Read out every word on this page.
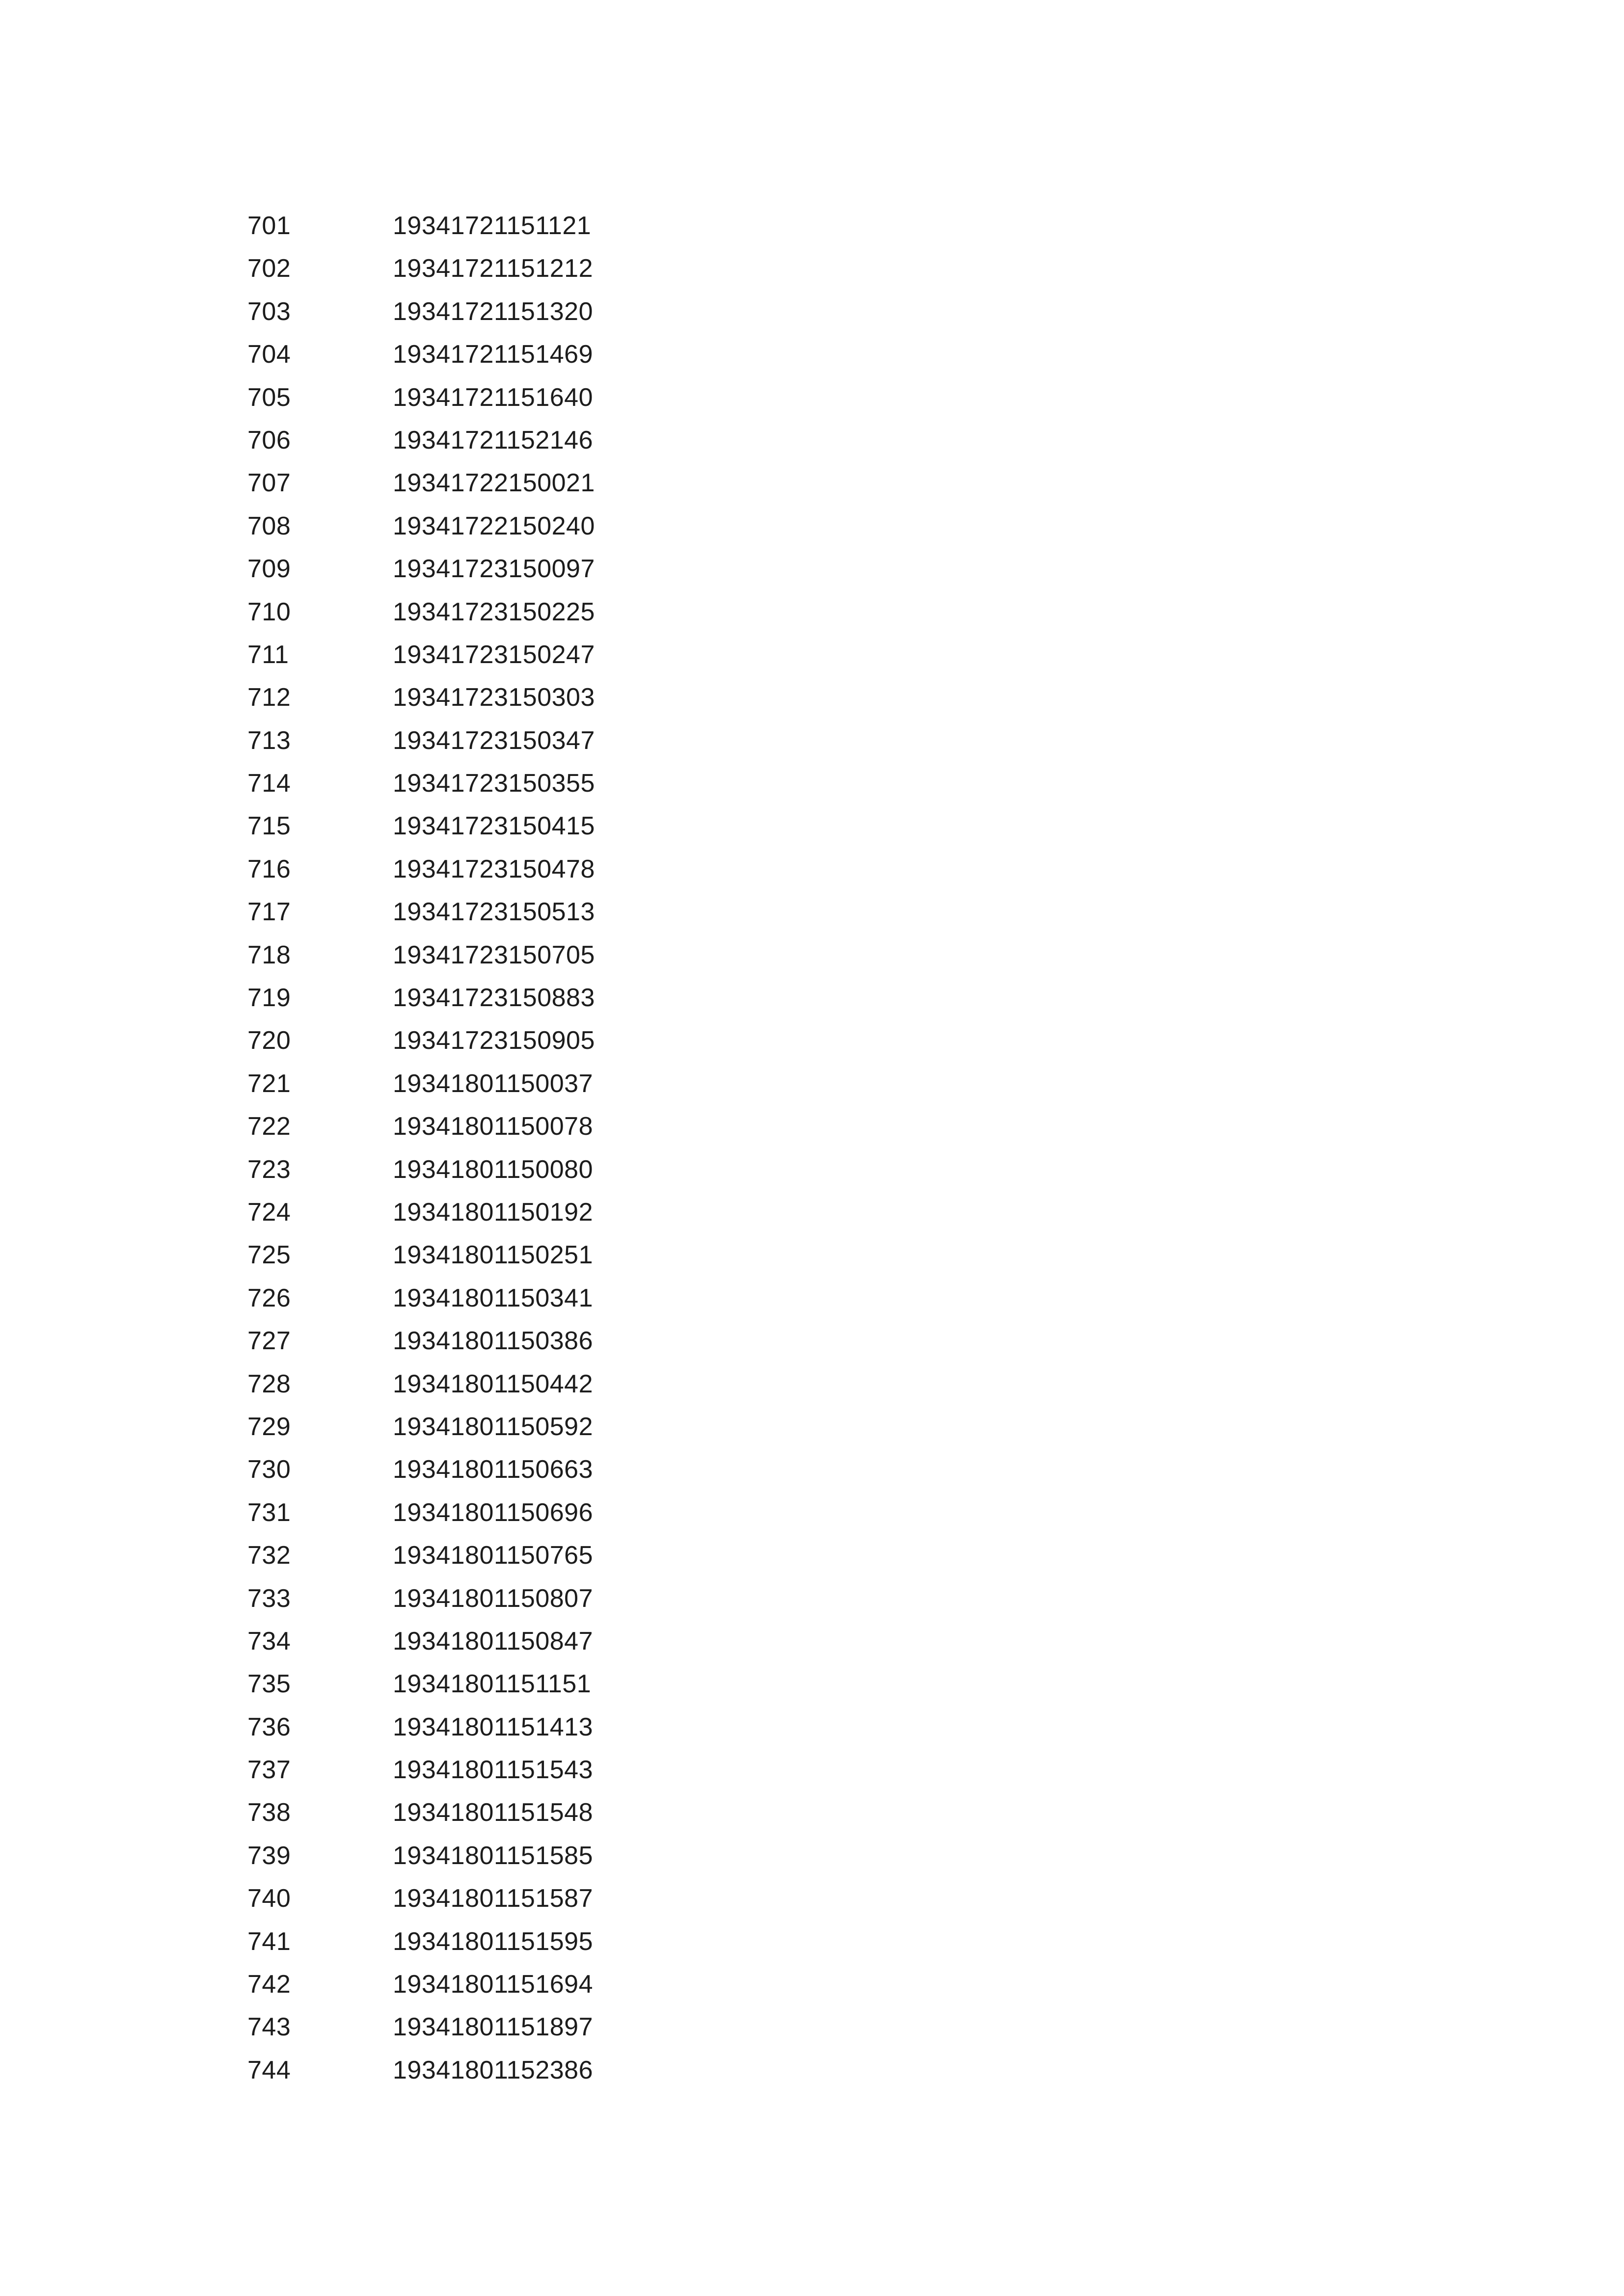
701	19341721151121
702	19341721151212
703	19341721151320
704	19341721151469
705	19341721151640
706	19341721152146
707	19341722150021
708	19341722150240
709	19341723150097
710	19341723150225
711	19341723150247
712	19341723150303
713	19341723150347
714	19341723150355
715	19341723150415
716	19341723150478
717	19341723150513
718	19341723150705
719	19341723150883
720	19341723150905
721	19341801150037
722	19341801150078
723	19341801150080
724	19341801150192
725	19341801150251
726	19341801150341
727	19341801150386
728	19341801150442
729	19341801150592
730	19341801150663
731	19341801150696
732	19341801150765
733	19341801150807
734	19341801150847
735	19341801151151
736	19341801151413
737	19341801151543
738	19341801151548
739	19341801151585
740	19341801151587
741	19341801151595
742	19341801151694
743	19341801151897
744	19341801152386
